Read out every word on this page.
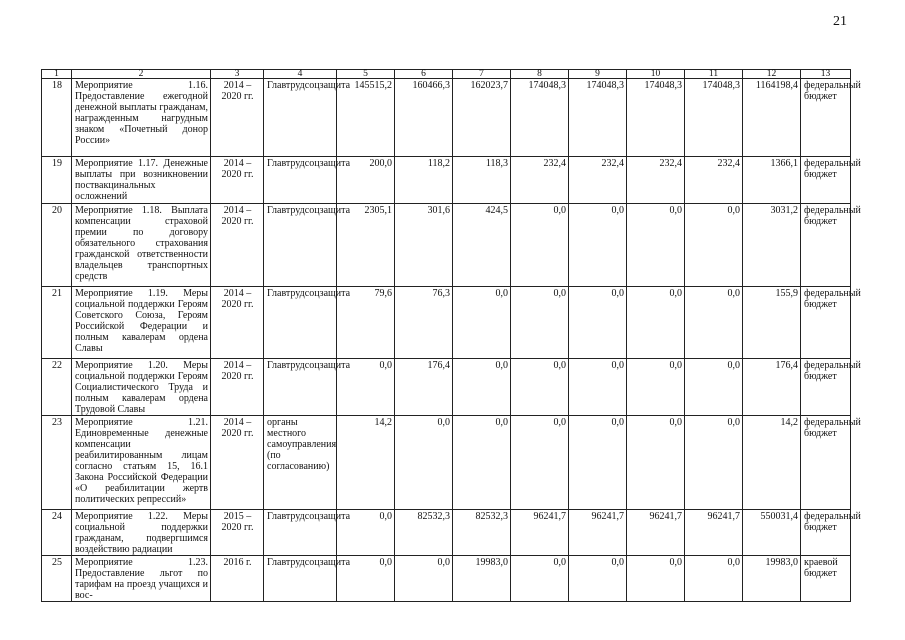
21
1	2	3	4	5	6	7	8	9	10	11	12	13
18	Мероприятие 1.16. Предоставление ежегодной денежной выплаты гражданам, награжденным нагрудным знаком «Почетный донор России»	2014 – 2020 гг.	Главтрудсоцзащита	145515,2	160466,3	162023,7	174048,3	174048,3	174048,3	174048,3	1164198,4	федеральный бюджет
19	Мероприятие 1.17. Денежные выплаты при возникновении поствакцинальных осложнений	2014 – 2020 гг.	Главтрудсоцзащита	200,0	118,2	118,3	232,4	232,4	232,4	232,4	1366,1	федеральный бюджет
20	Мероприятие 1.18. Выплата компенсации страховой премии по договору обязательного страхования гражданской ответственности владельцев транспортных средств	2014 – 2020 гг.	Главтрудсоцзащита	2305,1	301,6	424,5	0,0	0,0	0,0	0,0	3031,2	федеральный бюджет
21	Мероприятие 1.19. Меры социальной поддержки Героям Советского Союза, Героям Российской Федерации и полным кавалерам ордена Славы	2014 – 2020 гг.	Главтрудсоцзащита	79,6	76,3	0,0	0,0	0,0	0,0	0,0	155,9	федеральный бюджет
22	Мероприятие 1.20. Меры социальной поддержки Героям Социалистического Труда и полным кавалерам ордена Трудовой Славы	2014 – 2020 гг.	Главтрудсоцзащита	0,0	176,4	0,0	0,0	0,0	0,0	0,0	176,4	федеральный бюджет
23	Мероприятие 1.21. Единовременные денежные компенсации реабилитированным лицам согласно статьям 15, 16.1 Закона Российской Федерации «О реабилитации жертв политических репрессий»	2014 – 2020 гг.	органы местного самоуправления (по согласованию)	14,2	0,0	0,0	0,0	0,0	0,0	0,0	14,2	федеральный бюджет
24	Мероприятие 1.22. Меры социальной поддержки гражданам, подвергшимся воздействию радиации	2015 – 2020 гг.	Главтрудсоцзащита	0,0	82532,3	82532,3	96241,7	96241,7	96241,7	96241,7	550031,4	федеральный бюджет
25	Мероприятие 1.23. Предоставление льгот по тарифам на проезд учащихся и вос-	2016 г.	Главтрудсоцзащита	0,0	0,0	19983,0	0,0	0,0	0,0	0,0	19983,0	краевой бюджет
